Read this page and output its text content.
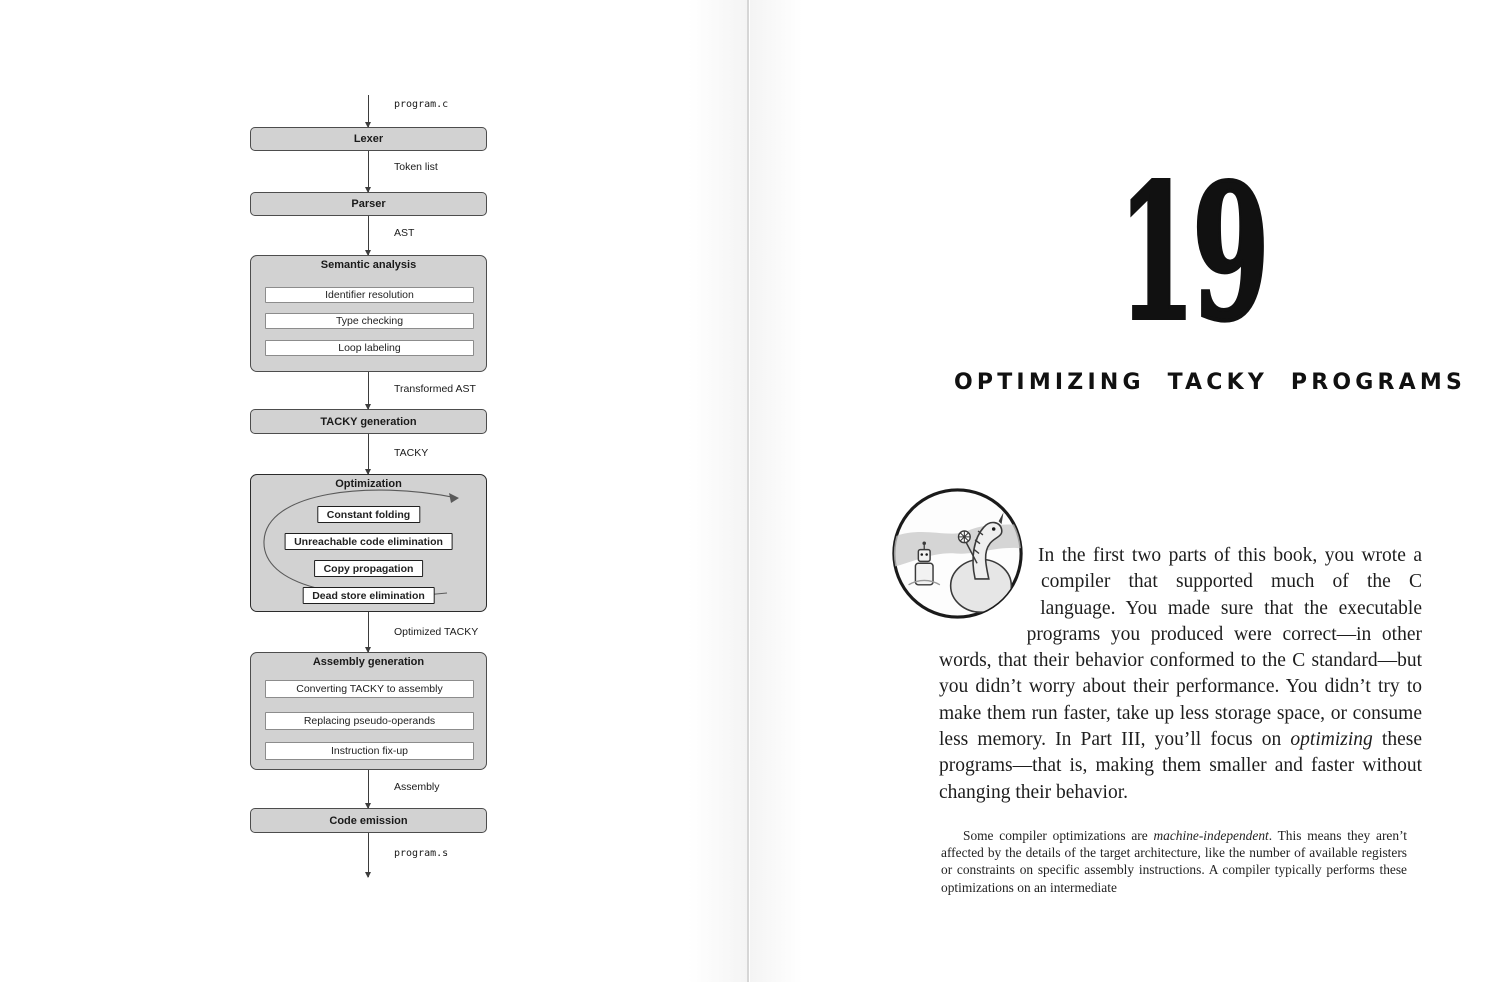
program.c
Lexer
Token list
Parser
AST
Semantic analysis
Identifier resolution
Type checking
Loop labeling
Transformed AST
TACKY generation
TACKY
Optimization
Constant folding
Unreachable code elimination
Copy propagation
Dead store elimination
Optimized TACKY
Assembly generation
Converting TACKY to assembly
Replacing pseudo-operands
Instruction fix-up
Assembly
Code emission
program.s
19
OPTIMIZING TACKY PROGRAMS
In the first two parts of this book, you wrote a compiler that supported much of the C language. You made sure that the executable programs you produced were correct—in other words, that their behavior conformed to the C standard—but you didn’t worry about their performance. You didn’t try to make them run faster, take up less storage space, or consume less memory. In Part III, you’ll focus on optimizing these programs—that is, making them smaller and faster without changing their behavior.

Some compiler optimizations are machine-independent. This means they aren’t affected by the details of the target architecture, like the number of available registers or constraints on specific assembly instructions. A compiler typically performs these optimizations on an intermediate
